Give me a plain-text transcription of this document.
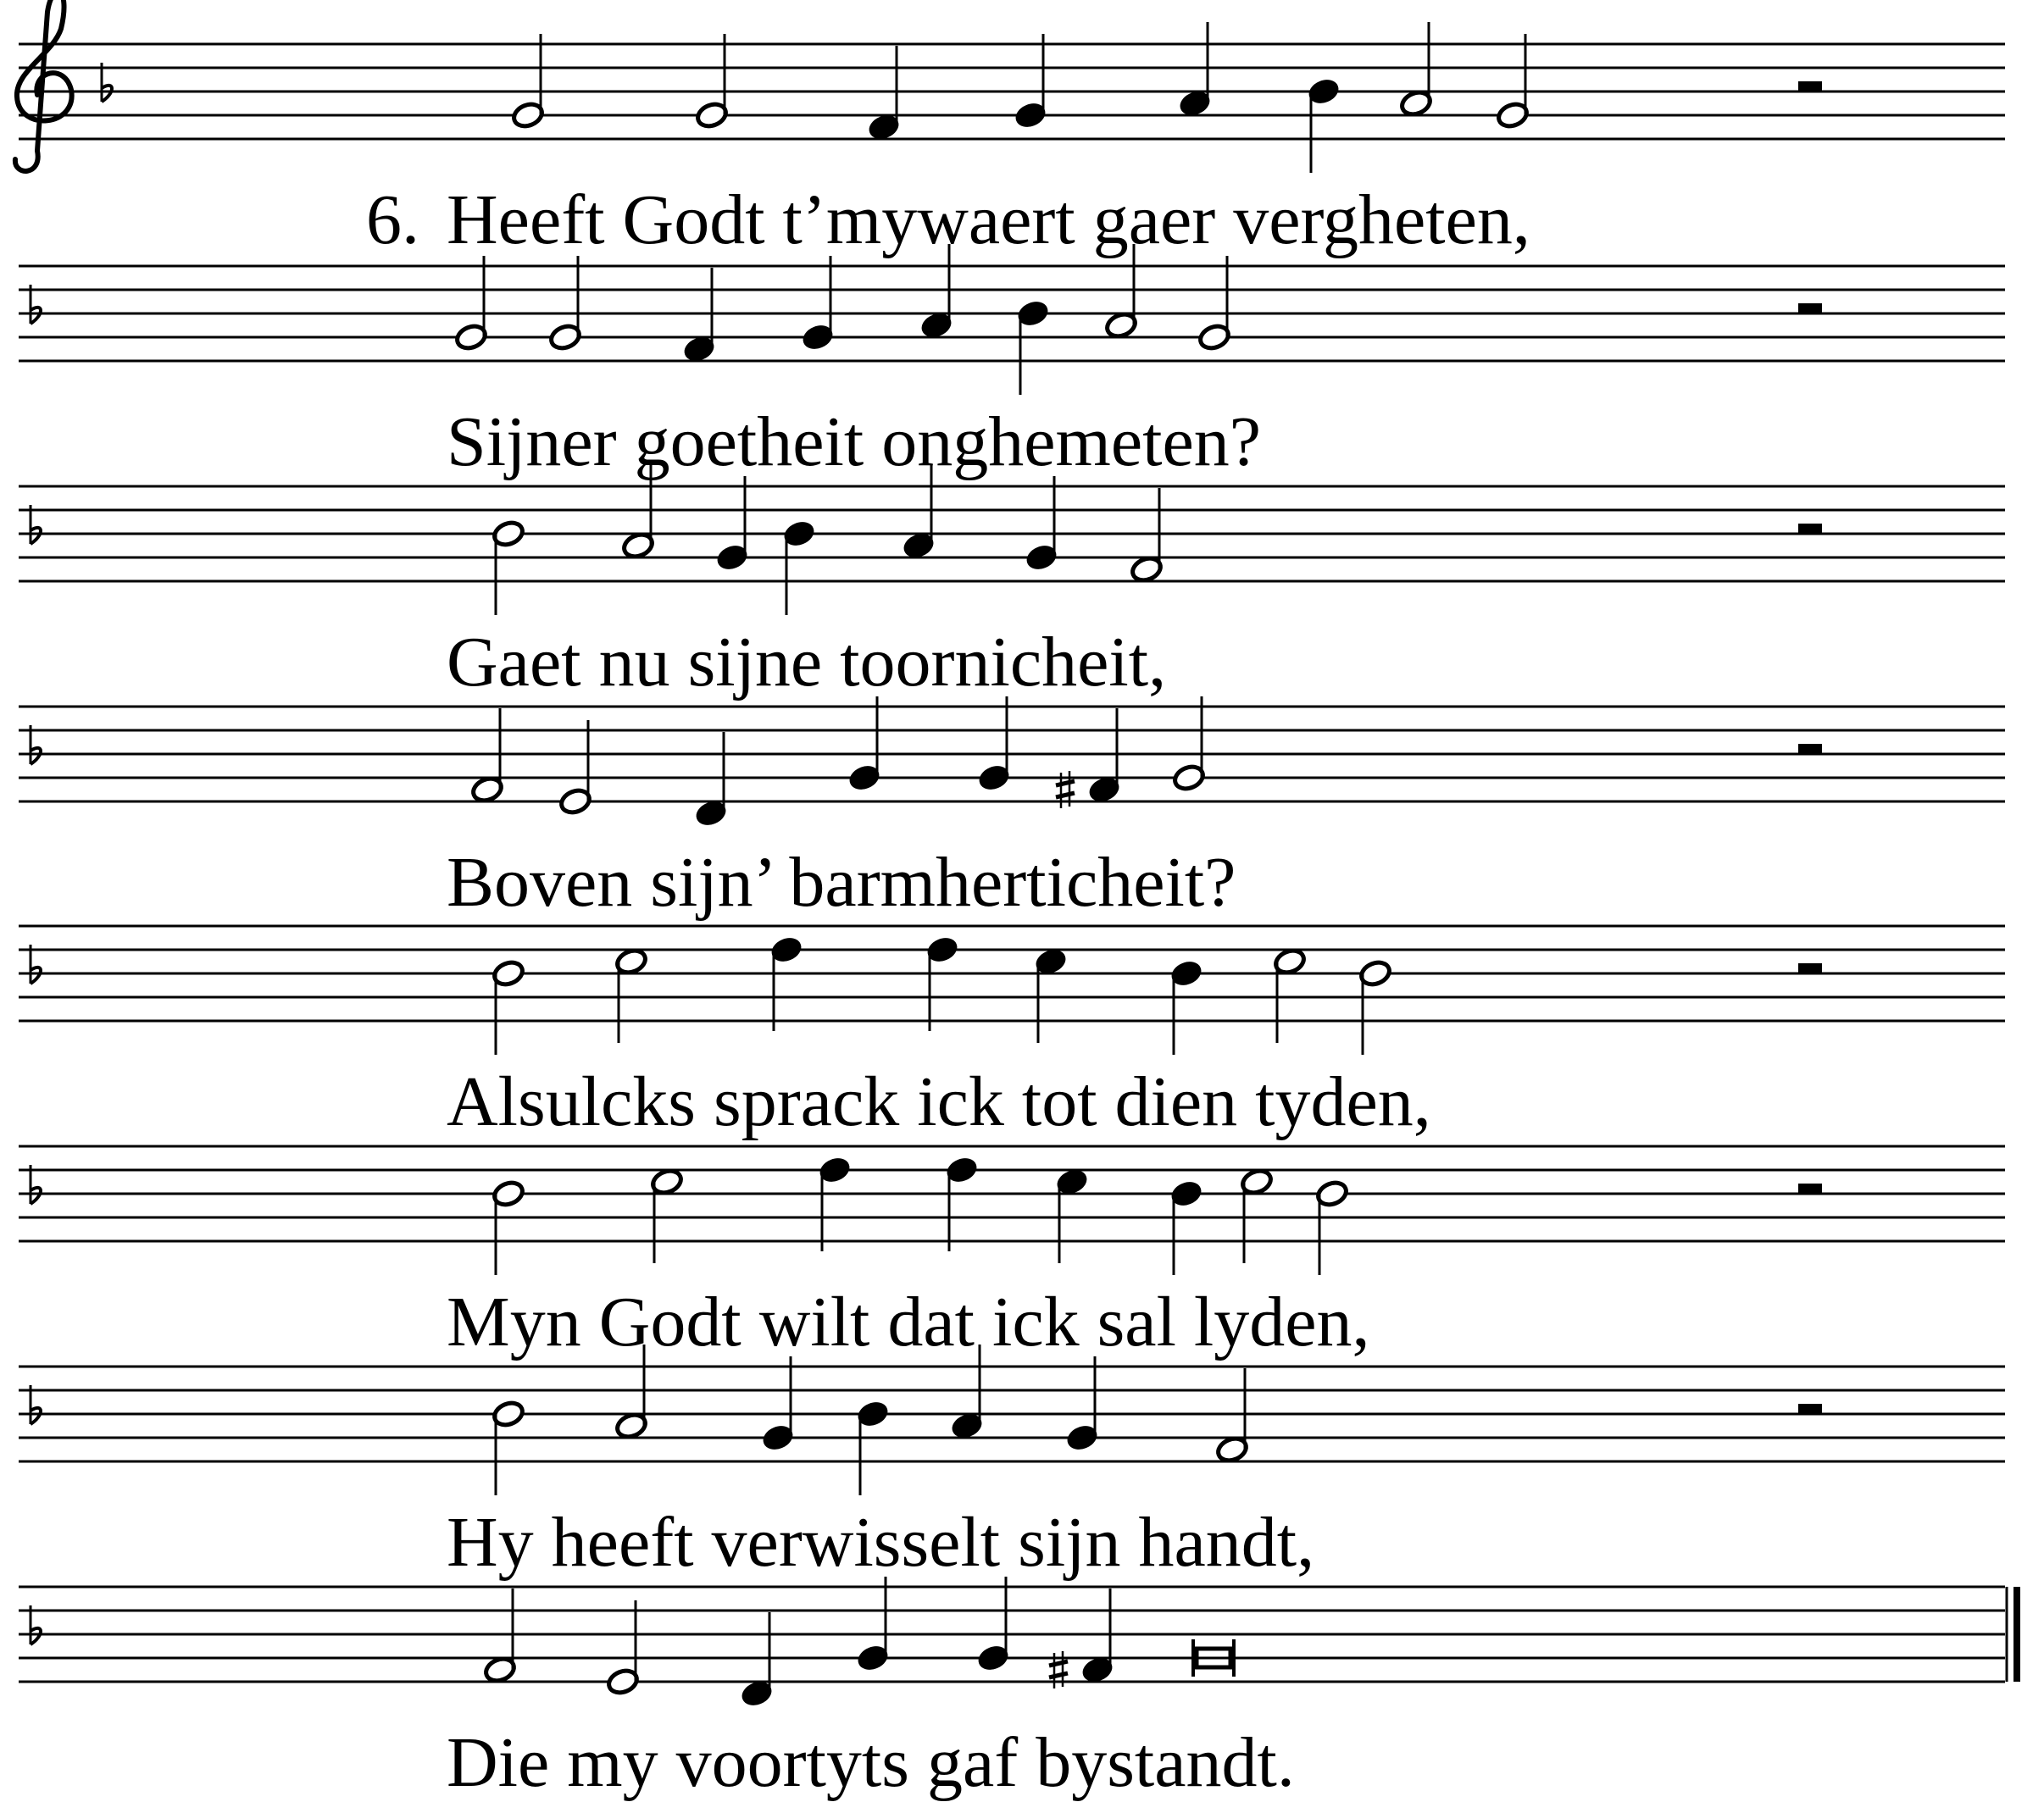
6. Heeft Godt t’mywaert gaer vergheten,
Sijner goetheit onghemeten?
Gaet nu sijne toornicheit,
Boven sijn’ barmherticheit?
Alsulcks sprack ick tot dien tyden,
Myn Godt wilt dat ick sal lyden,
Hy heeft verwisselt sijn handt,
Die my voortyts gaf bystandt.
